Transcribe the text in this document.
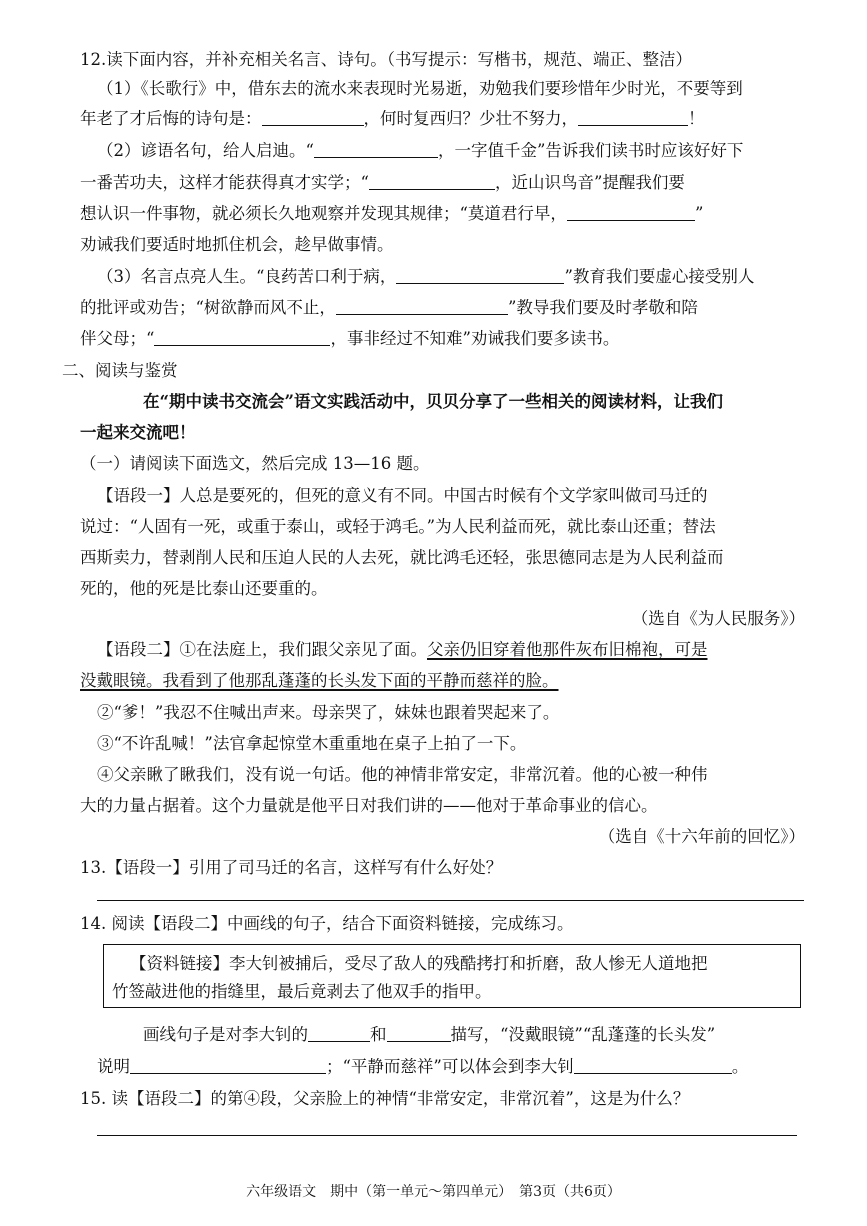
12.读下面内容，并补充相关名言、诗句。（书写提示：写楷书，规范、端正、整洁）
（1）《长歌行》中，借东去的流水来表现时光易逝，劝勉我们要珍惜年少时光，不要等到
年老了才后悔的诗句是：	，何时复西归？少壮不努力，	！
（2）谚语名句，给人启迪。“	，一字值千金”告诉我们读书时应该好好下
一番苦功夫，这样才能获得真才实学；“	，近山识鸟音”提醒我们要
想认识一件事物，就必须长久地观察并发现其规律；“莫道君行早，	”
劝诫我们要适时地抓住机会，趁早做事情。
（3）名言点亮人生。“良药苦口利于病，	”教育我们要虚心接受别人
的批评或劝告；“树欲静而风不止，	”教导我们要及时孝敬和陪
伴父母；“	，事非经过不知难”劝诫我们要多读书。
二、阅读与鉴赏
在“期中读书交流会”语文实践活动中，贝贝分享了一些相关的阅读材料，让我们
一起来交流吧！
（一）请阅读下面选文，然后完成 13—16 题。
【语段一】人总是要死的，但死的意义有不同。中国古时候有个文学家叫做司马迁的
说过：“人固有一死，或重于泰山，或轻于鸿毛。”为人民利益而死，就比泰山还重；替法
西斯卖力，替剥削人民和压迫人民的人去死，就比鸿毛还轻，张思德同志是为人民利益而
死的，他的死是比泰山还要重的。
（选自《为人民服务》）
【语段二】①在法庭上，我们跟父亲见了面。父亲仍旧穿着他那件灰布旧棉袍，可是
没戴眼镜。我看到了他那乱蓬蓬的长头发下面的平静而慈祥的脸。
②“爹！”我忍不住喊出声来。母亲哭了，妹妹也跟着哭起来了。
③“不许乱喊！”法官拿起惊堂木重重地在桌子上拍了一下。
④父亲瞅了瞅我们，没有说一句话。他的神情非常安定，非常沉着。他的心被一种伟
大的力量占据着。这个力量就是他平日对我们讲的——他对于革命事业的信心。
（选自《十六年前的回忆》）
13.【语段一】引用了司马迁的名言，这样写有什么好处？
14. 阅读【语段二】中画线的句子，结合下面资料链接，完成练习。
【资料链接】李大钊被捕后，受尽了敌人的残酷拷打和折磨，敌人惨无人道地把
竹签敲进他的指缝里，最后竟剥去了他双手的指甲。
画线句子是对李大钊的	和	描写，“没戴眼镜”“乱蓬蓬的长头发”
说明	；“平静而慈祥”可以体会到李大钊	。
15. 读【语段二】的第④段，父亲脸上的神情“非常安定，非常沉着”，这是为什么？
六年级语文　期中（第一单元～第四单元）　第3页（共6页）
